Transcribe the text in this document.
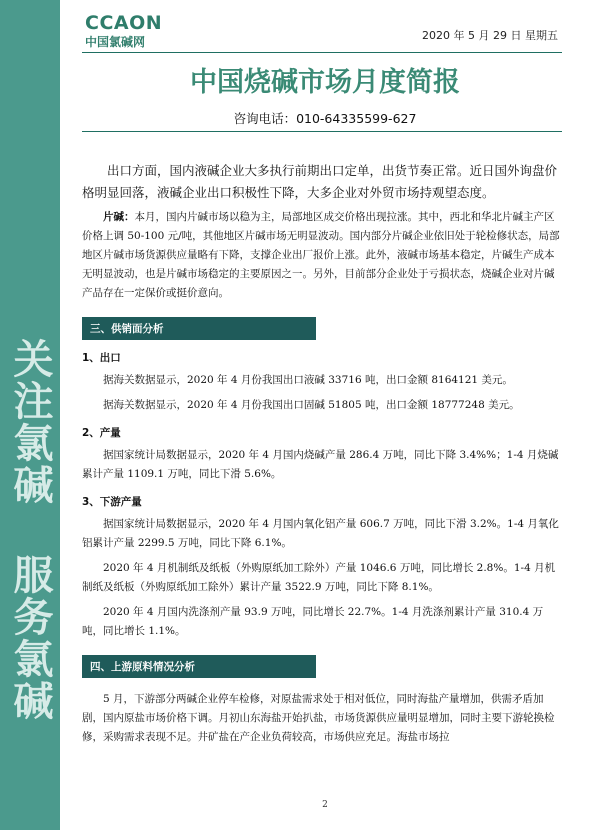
关注氯碱 服务氯碱
CCAON
中国氯碱网	2020 年 5 月 29 日 星期五
中国烧碱市场月度简报
咨询电话：010-64335599-627

出口方面，国内液碱企业大多执行前期出口定单，出货节奏正常。近日国外询盘价格明显回落，液碱企业出口积极性下降，大多企业对外贸市场持观望态度。

片碱：本月，国内片碱市场以稳为主，局部地区成交价格出现拉涨。其中，西北和华北片碱主产区价格上调 50-100 元/吨，其他地区片碱市场无明显波动。国内部分片碱企业依旧处于轮检修状态，局部地区片碱市场货源供应量略有下降，支撑企业出厂报价上涨。此外，液碱市场基本稳定，片碱生产成本无明显波动，也是片碱市场稳定的主要原因之一。另外，目前部分企业处于亏损状态，烧碱企业对片碱产品存在一定保价或挺价意向。

三、供销面分析
1、出口

据海关数据显示，2020 年 4 月份我国出口液碱 33716 吨，出口金额 8164121 美元。

据海关数据显示，2020 年 4 月份我国出口固碱 51805 吨，出口金额 18777248 美元。

2、产量

据国家统计局数据显示，2020 年 4 月国内烧碱产量 286.4 万吨，同比下降 3.4%%；1-4 月烧碱累计产量 1109.1 万吨，同比下滑 5.6%。

3、下游产量

据国家统计局数据显示，2020 年 4 月国内氧化铝产量 606.7 万吨，同比下滑 3.2%。1-4 月氧化铝累计产量 2299.5 万吨，同比下降 6.1%。

2020 年 4 月机制纸及纸板（外购原纸加工除外）产量 1046.6 万吨，同比增长 2.8%。1-4 月机制纸及纸板（外购原纸加工除外）累计产量 3522.9 万吨，同比下降 8.1%。

2020 年 4 月国内洗涤剂产量 93.9 万吨，同比增长 22.7%。1-4 月洗涤剂累计产量 310.4 万吨，同比增长 1.1%。

四、上游原料情况分析

5 月，下游部分两碱企业停车检修，对原盐需求处于相对低位，同时海盐产量增加，供需矛盾加剧，国内原盐市场价格下调。月初山东海盐开始扒盐，市场货源供应量明显增加，同时主要下游轮换检修，采购需求表现不足。井矿盐在产企业负荷较高，市场供应充足。海盐市场拉

2
